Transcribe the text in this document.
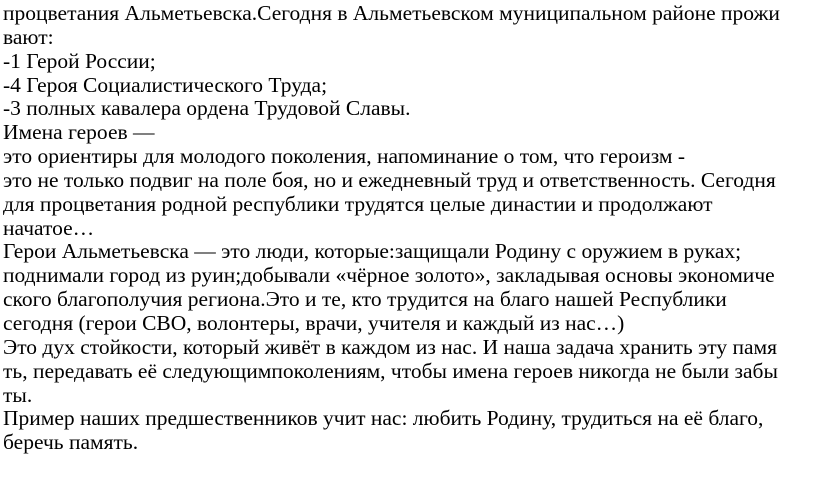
процветания Альметьевска.Сегодня в Альметьевском муниципальном районе прожи
вают:
-1 Герой России;
-4 Героя Социалистического Труда;
-3 полных кавалера ордена Трудовой Славы.
Имена героев —
это ориентиры для молодого поколения, напоминание о том, что героизм -
это не только подвиг на поле боя, но и ежедневный труд и ответственность. Сегодня
для процветания родной республики трудятся целые династии и продолжают
начатое…
Герои Альметьевска — это люди, которые:защищали Родину с оружием в руках;
поднимали город из руин;добывали «чёрное золото», закладывая основы экономиче
ского благополучия региона.Это и те, кто трудится на благо нашей Республики
сегодня (герои СВО, волонтеры, врачи, учителя и каждый из нас…)
Это дух стойкости, который живёт в каждом из нас. И наша задача хранить эту памя
ть, передавать её следующимпоколениям, чтобы имена героев никогда не были забы
ты.
Пример наших предшественников учит нас: любить Родину, трудиться на её благо,
беречь память.
